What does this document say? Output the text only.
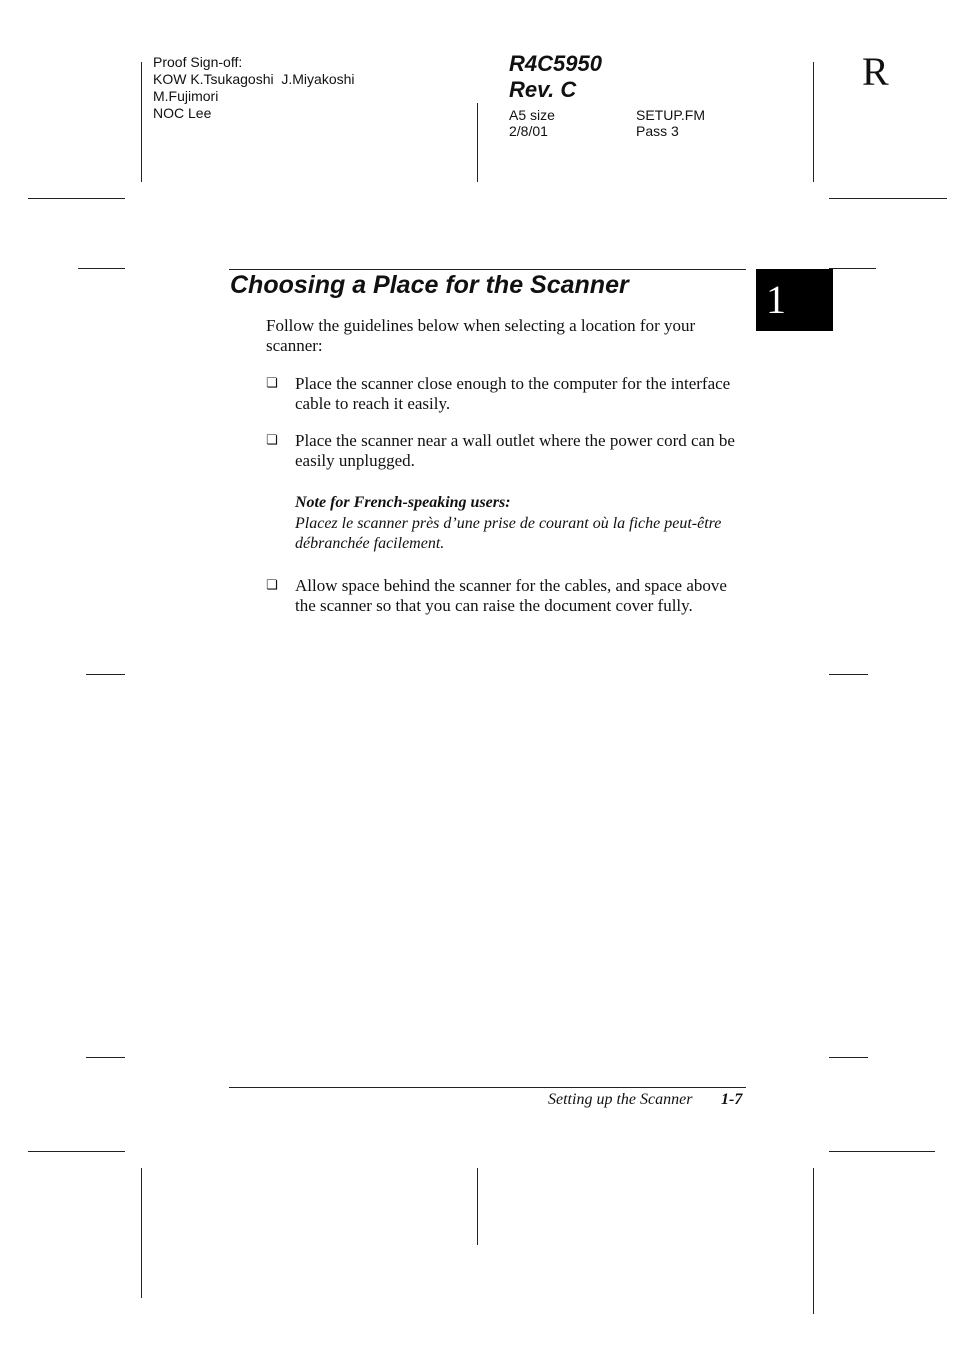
Proof Sign-off:
KOW K.Tsukagoshi  J.Miyakoshi
M.Fujimori
NOC Lee
R4C5950
Rev. C
A5 size	SETUP.FM
2/8/01	Pass 3
R
Choosing a Place for the Scanner	1
Follow the guidelines below when selecting a location for your scanner:
❏ Place the scanner close enough to the computer for the interface cable to reach it easily.
❏ Place the scanner near a wall outlet where the power cord can be easily unplugged.
Note for French-speaking users:
Placez le scanner près d’une prise de courant où la fiche peut-être débranchée facilement.
❏ Allow space behind the scanner for the cables, and space above the scanner so that you can raise the document cover fully.
Setting up the Scanner 1-7
